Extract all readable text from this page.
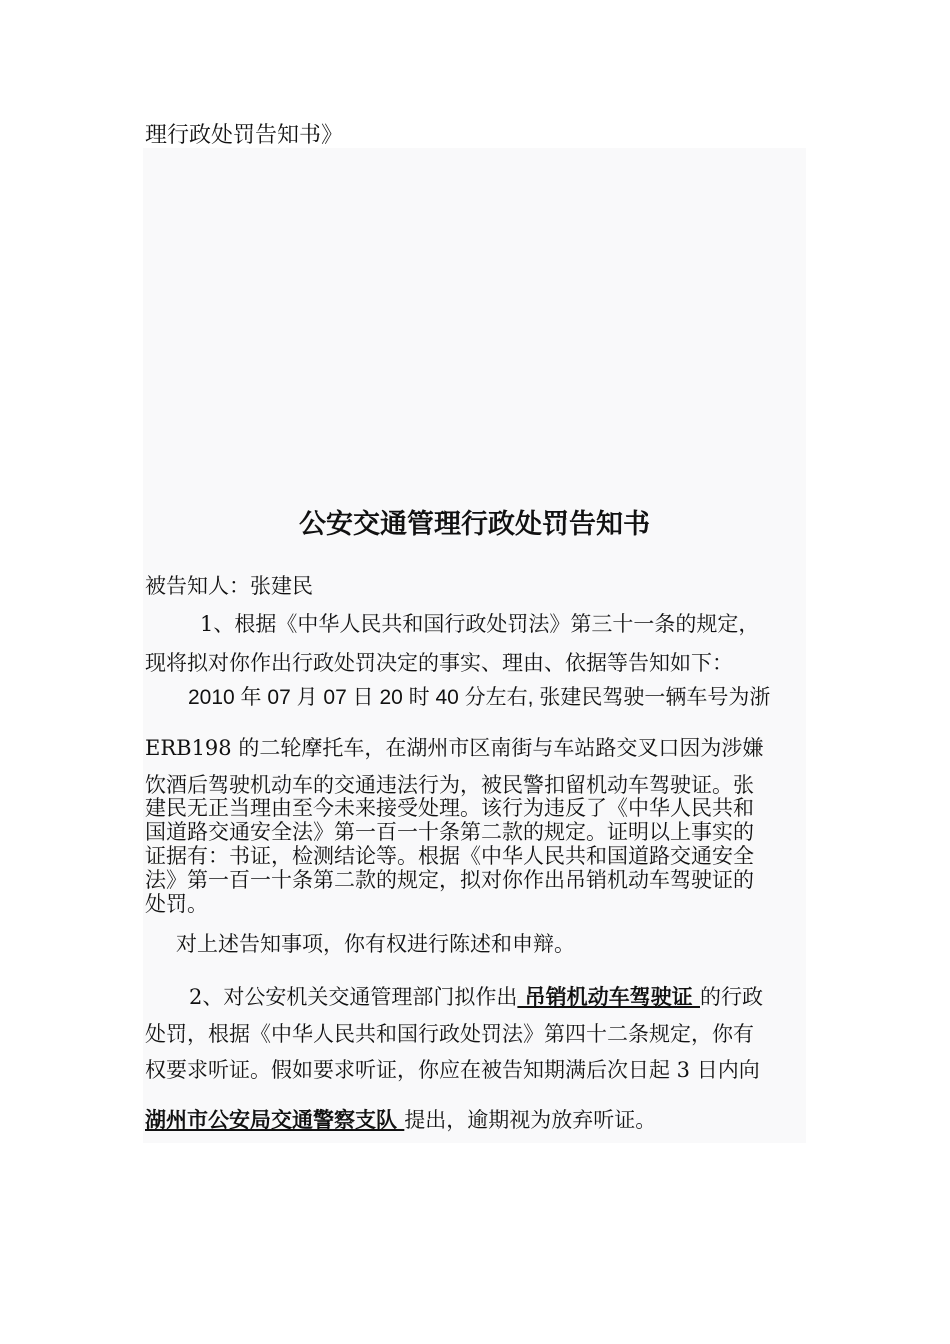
理行政处罚告知书》
公安交通管理行政处罚告知书
被告知人：张建民
1、根据《中华人民共和国行政处罚法》第三十一条的规定，
现将拟对你作出行政处罚决定的事实、理由、依据等告知如下：
2010 年 07 月 07 日 20 时 40 分左右, 张建民驾驶一辆车号为浙
ERB198 的二轮摩托车，在湖州市区南街与车站路交叉口因为涉嫌
饮酒后驾驶机动车的交通违法行为，被民警扣留机动车驾驶证。张
建民无正当理由至今未来接受处理。该行为违反了《中华人民共和
国道路交通安全法》第一百一十条第二款的规定。证明以上事实的
证据有：书证，检测结论等。根据《中华人民共和国道路交通安全
法》第一百一十条第二款的规定，拟对你作出吊销机动车驾驶证的
处罚。
对上述告知事项，你有权进行陈述和申辩。
2、对公安机关交通管理部门拟作出 吊销机动车驾驶证 的行政
处罚，根据《中华人民共和国行政处罚法》第四十二条规定，你有
权要求听证。假如要求听证，你应在被告知期满后次日起 3 日内向
湖州市公安局交通警察支队 提出，逾期视为放弃听证。
